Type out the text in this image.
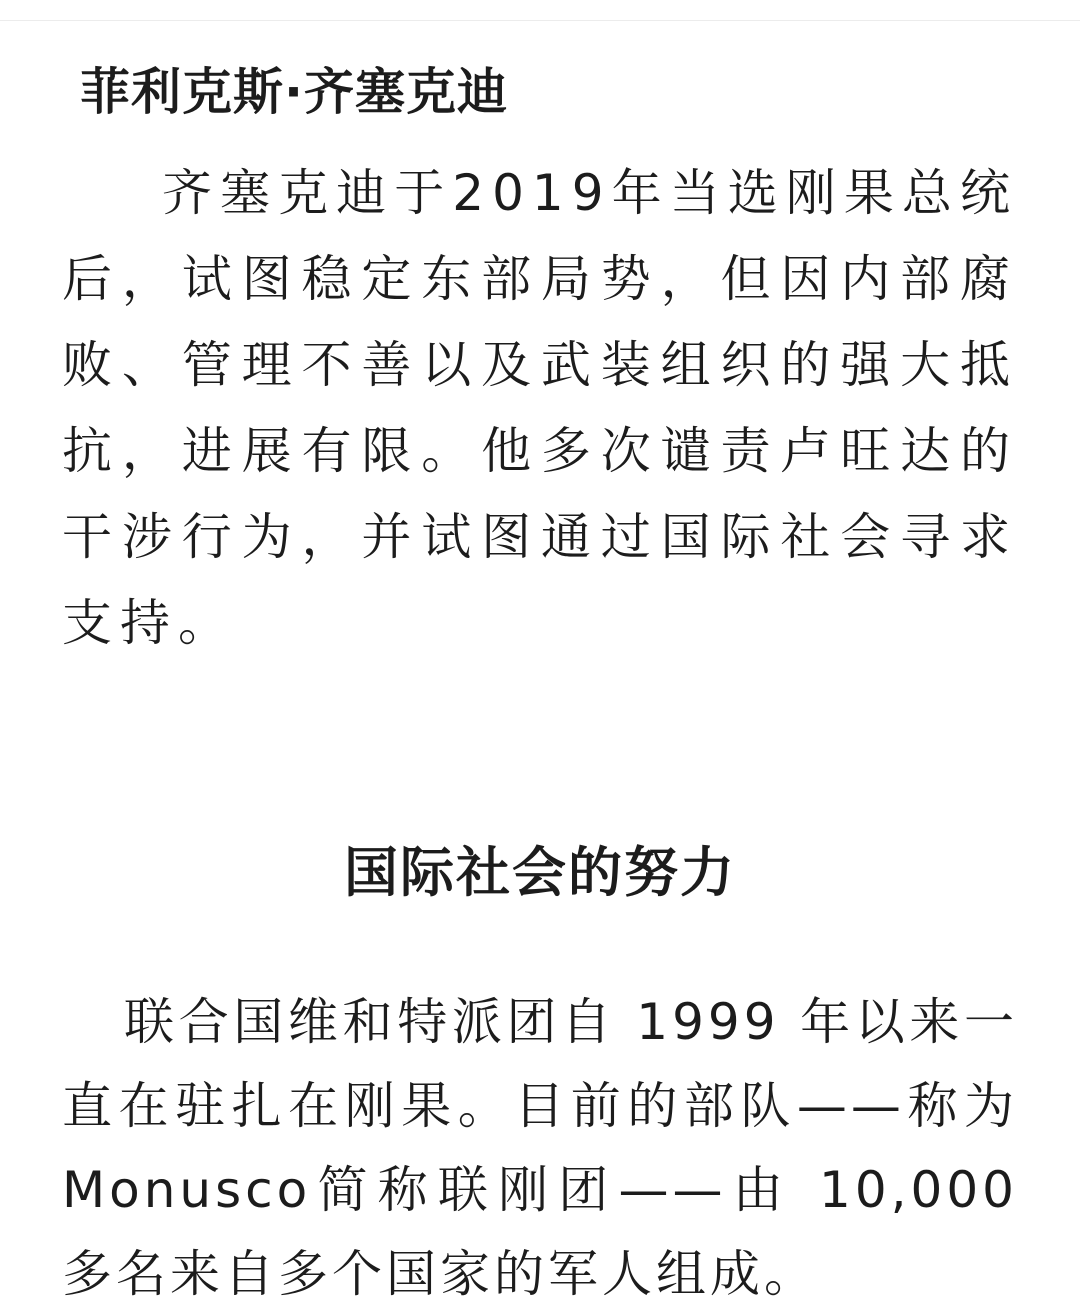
菲利克斯·齐塞克迪

齐塞克迪于2019年当选刚果总统后，试图稳定东部局势，但因内部腐败、管理不善以及武装组织的强大抵抗，进展有限。他多次谴责卢旺达的干涉行为，并试图通过国际社会寻求支持。

国际社会的努力

联合国维和特派团自 1999 年以来一直在驻扎在刚果。目前的部队——称为Monusco简称联刚团——由 10,000 多名来自多个国家的军人组成。
